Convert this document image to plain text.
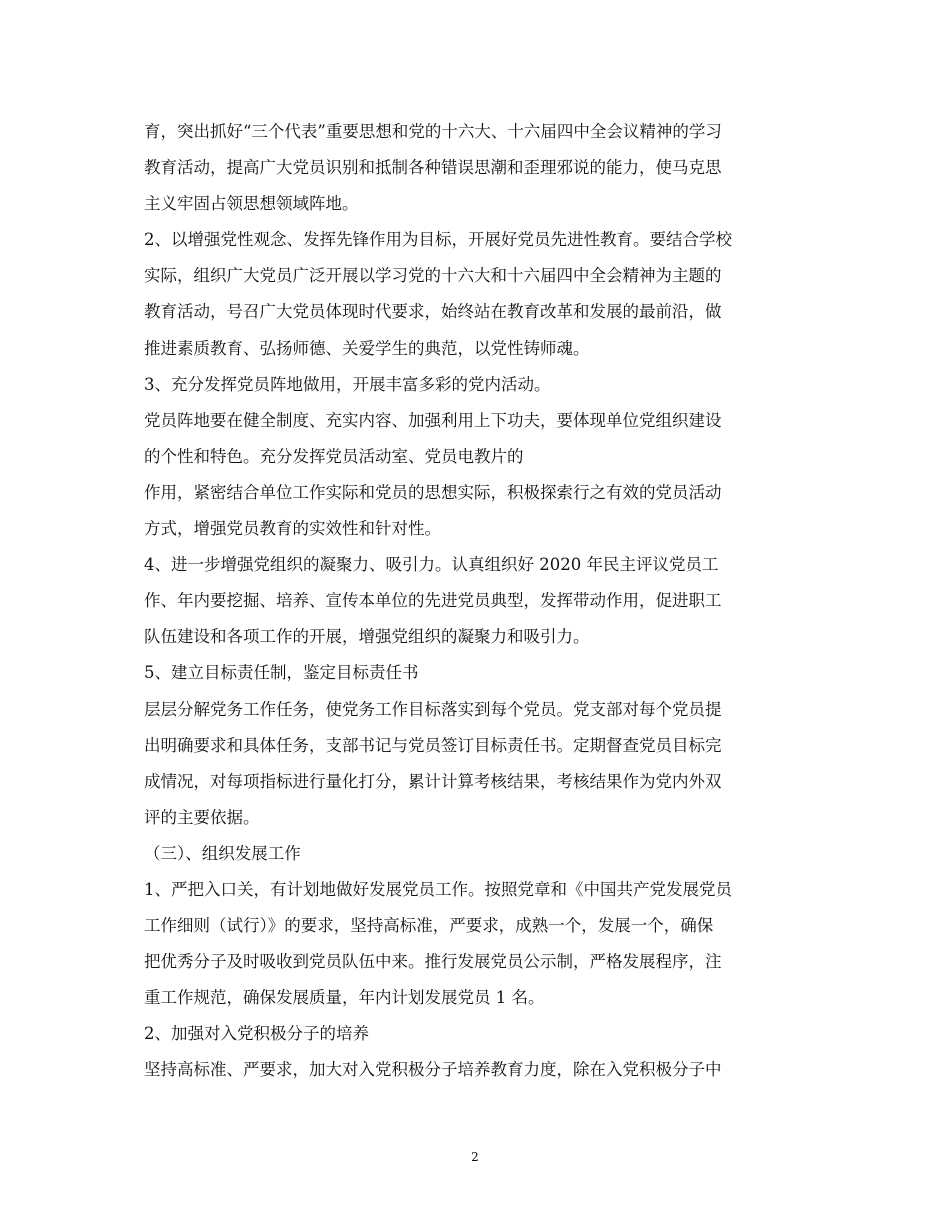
育，突出抓好“三个代表”重要思想和党的十六大、十六届四中全会议精神的学习
教育活动，提高广大党员识别和抵制各种错误思潮和歪理邪说的能力，使马克思
主义牢固占领思想领域阵地。
2、以增强党性观念、发挥先锋作用为目标，开展好党员先进性教育。要结合学校
实际，组织广大党员广泛开展以学习党的十六大和十六届四中全会精神为主题的
教育活动，号召广大党员体现时代要求，始终站在教育改革和发展的最前沿，做
推进素质教育、弘扬师德、关爱学生的典范，以党性铸师魂。
3、充分发挥党员阵地做用，开展丰富多彩的党内活动。
党员阵地要在健全制度、充实内容、加强利用上下功夫，要体现单位党组织建设
的个性和特色。充分发挥党员活动室、党员电教片的
作用，紧密结合单位工作实际和党员的思想实际，积极探索行之有效的党员活动
方式，增强党员教育的实效性和针对性。
4、进一步增强党组织的凝聚力、吸引力。认真组织好 2020 年民主评议党员工
作、年内要挖掘、培养、宣传本单位的先进党员典型，发挥带动作用，促进职工
队伍建设和各项工作的开展，增强党组织的凝聚力和吸引力。
5、建立目标责任制，鉴定目标责任书
层层分解党务工作任务，使党务工作目标落实到每个党员。党支部对每个党员提
出明确要求和具体任务，支部书记与党员签订目标责任书。定期督查党员目标完
成情况，对每项指标进行量化打分，累计计算考核结果，考核结果作为党内外双
评的主要依据。
（三）、组织发展工作
1、严把入口关，有计划地做好发展党员工作。按照党章和《中国共产党发展党员
工作细则（试行）》的要求，坚持高标准，严要求，成熟一个，发展一个，确保
把优秀分子及时吸收到党员队伍中来。推行发展党员公示制，严格发展程序，注
重工作规范，确保发展质量，年内计划发展党员 1 名。
2、加强对入党积极分子的培养
坚持高标准、严要求，加大对入党积极分子培养教育力度，除在入党积极分子中
2
